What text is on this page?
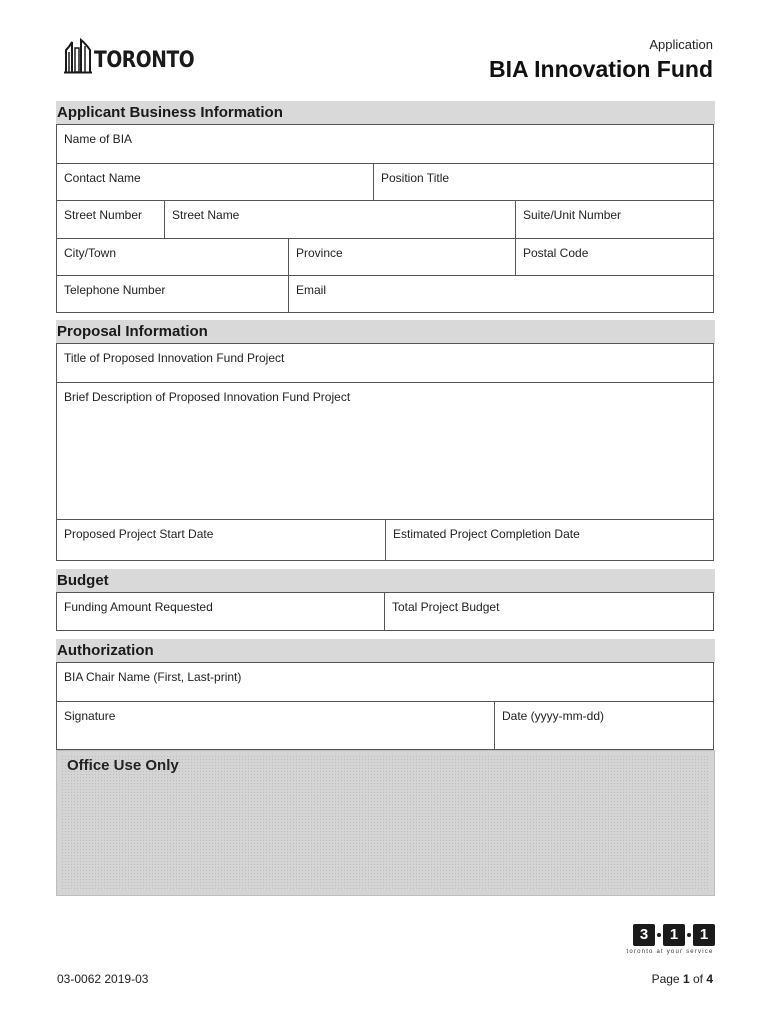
TORONTO
Application
BIA Innovation Fund
Applicant Business Information
Name of BIA
Contact Name	Position Title
Street Number	Street Name	Suite/Unit Number
City/Town	Province	Postal Code
Telephone Number	Email
Proposal Information
Title of Proposed Innovation Fund Project
Brief Description of Proposed Innovation Fund Project
Proposed Project Start Date	Estimated Project Completion Date
Budget
Funding Amount Requested	Total Project Budget
Authorization
BIA Chair Name (First, Last-print)
Signature	Date (yyyy-mm-dd)
Office Use Only
3	1	1
toronto at your service
03-0062 2019-03	Page 1 of 4
